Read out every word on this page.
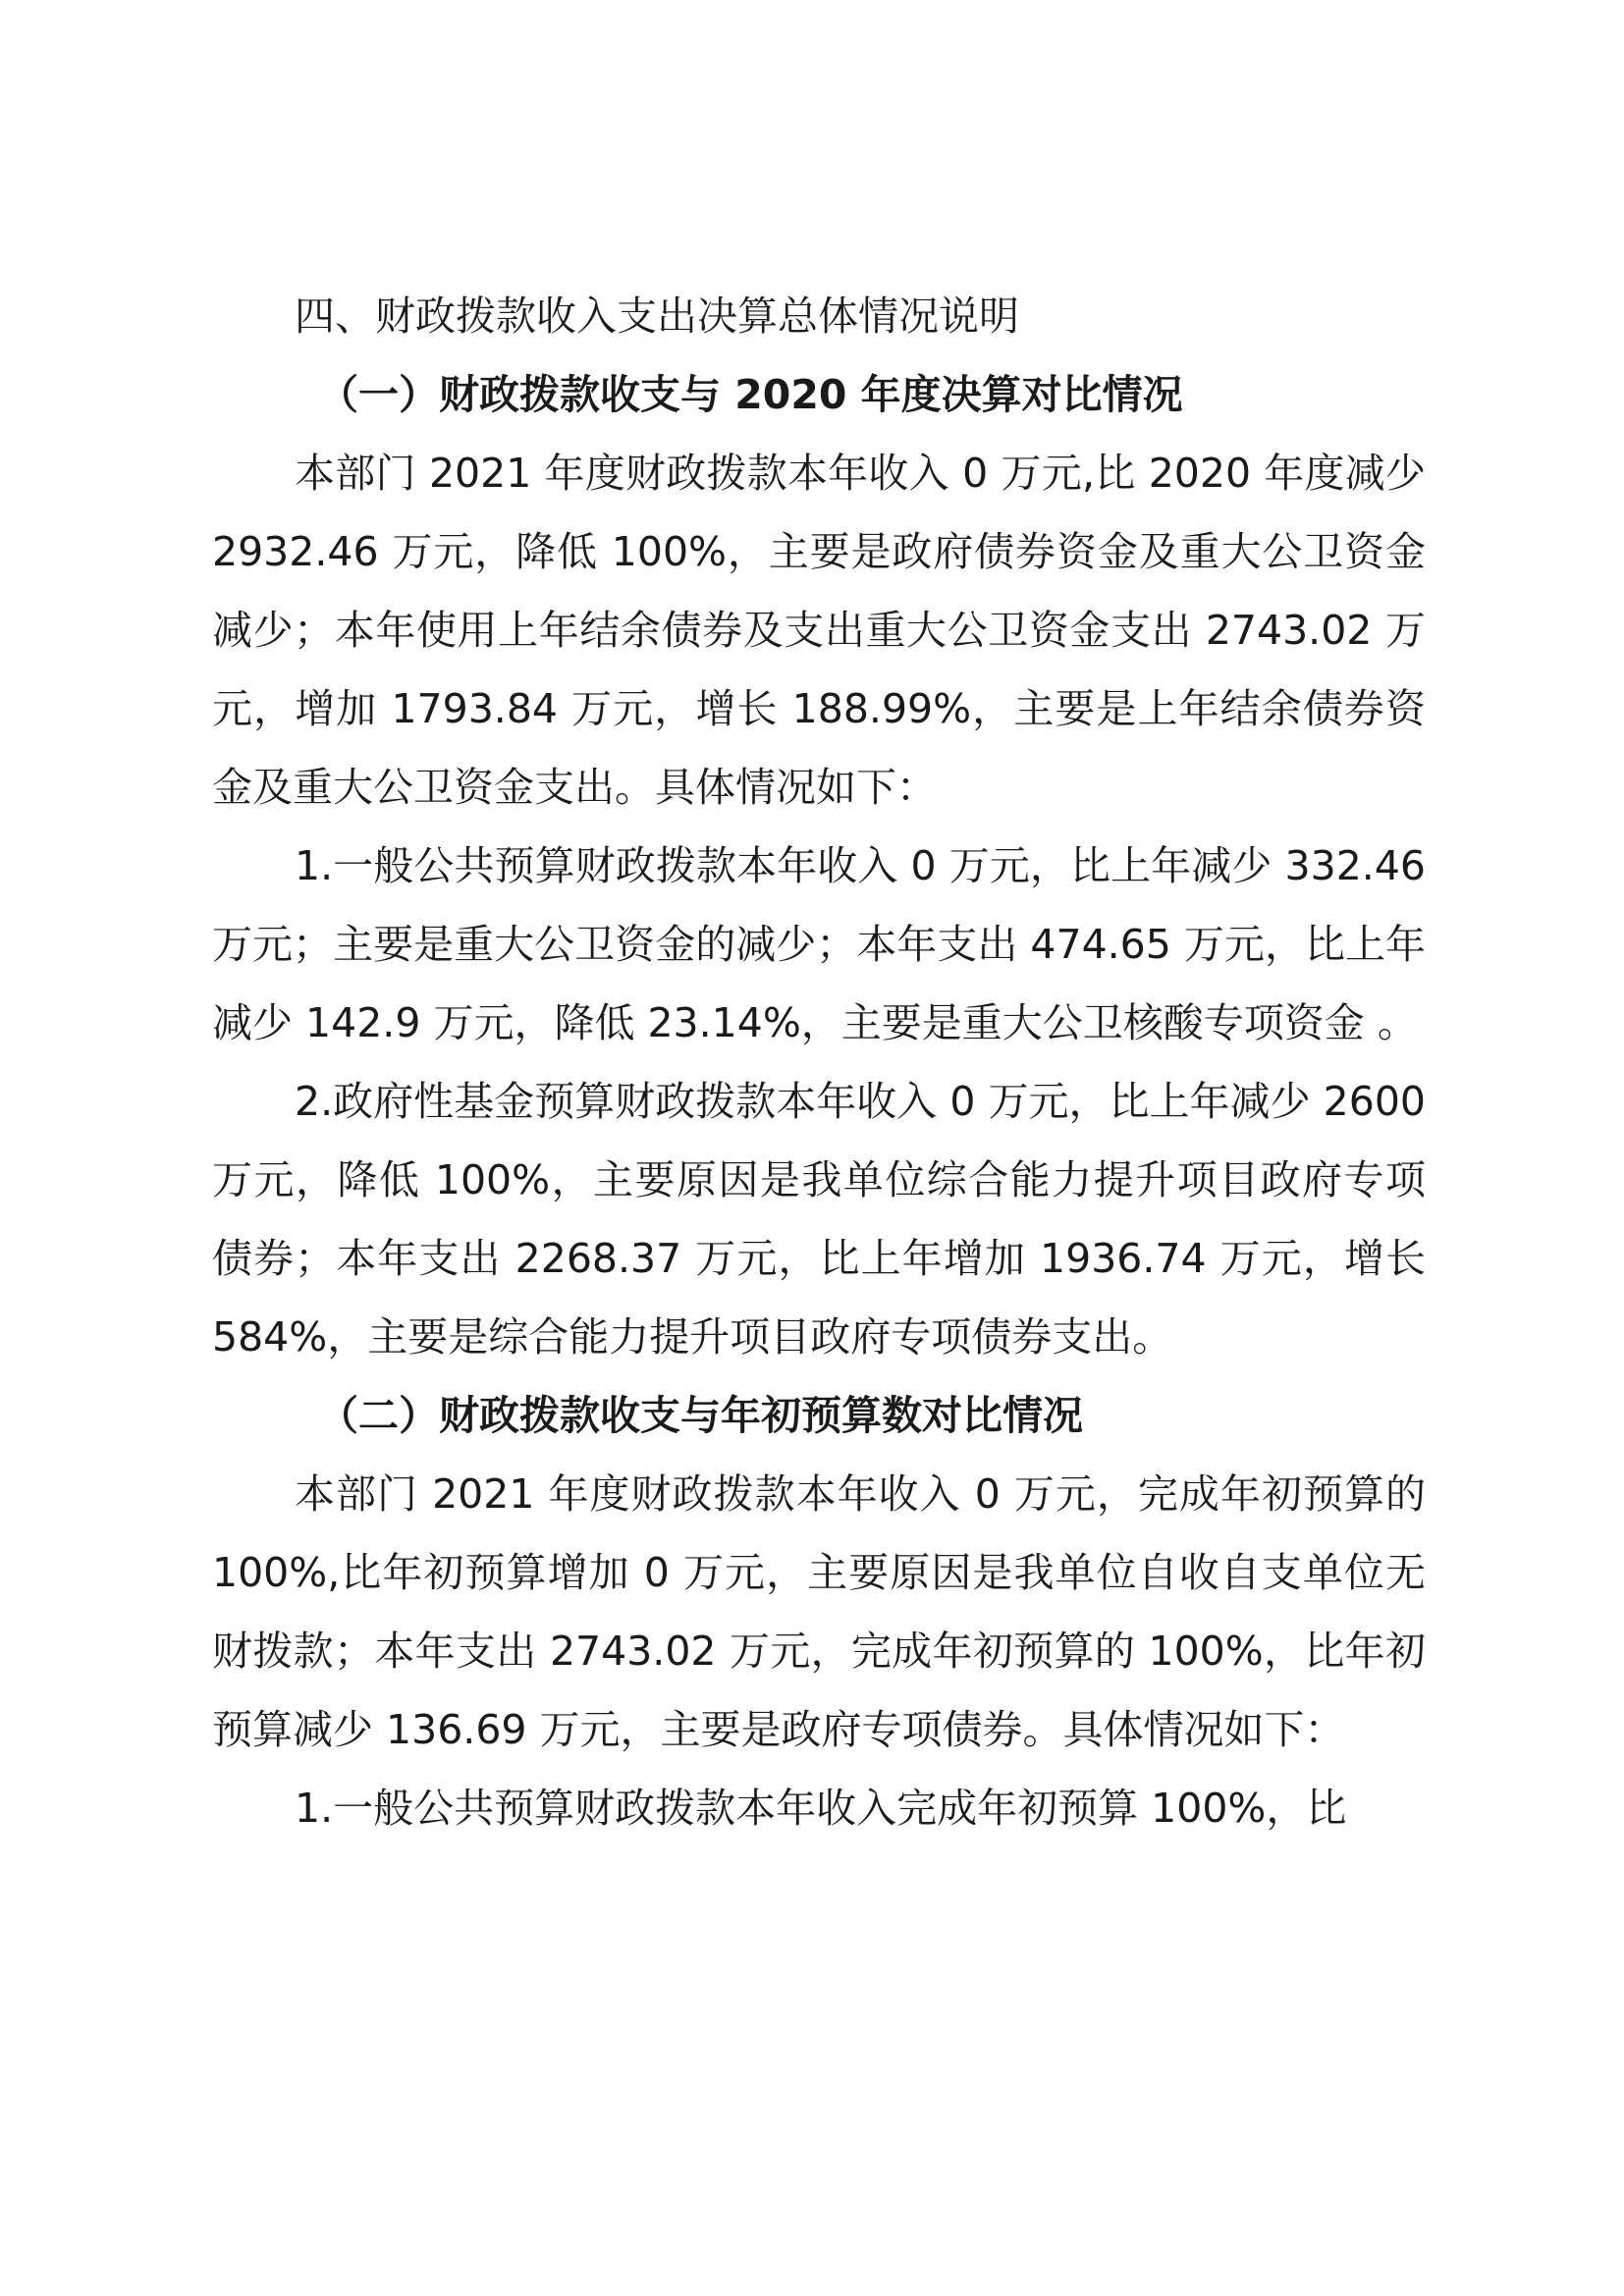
四、财政拨款收入支出决算总体情况说明
（一）财政拨款收支与 2020 年度决算对比情况

本部门 2021 年度财政拨款本年收入 0 万元,比 2020 年度减少 2932.46 万元，降低 100%，主要是政府债券资金及重大公卫资金减少；本年使用上年结余债券及支出重大公卫资金支出 2743.02 万元，增加 1793.84 万元，增长 188.99%，主要是上年结余债券资金及重大公卫资金支出。具体情况如下：

1.一般公共预算财政拨款本年收入 0 万元，比上年减少 332.46 万元；主要是重大公卫资金的减少；本年支出 474.65 万元，比上年减少 142.9 万元，降低 23.14%，主要是重大公卫核酸专项资金 。

2.政府性基金预算财政拨款本年收入 0 万元，比上年减少 2600 万元，降低 100%，主要原因是我单位综合能力提升项目政府专项债券；本年支出 2268.37 万元，比上年增加 1936.74 万元，增长 584%，主要是综合能力提升项目政府专项债券支出。

（二）财政拨款收支与年初预算数对比情况

本部门 2021 年度财政拨款本年收入 0 万元，完成年初预算的 100%,比年初预算增加 0 万元，主要原因是我单位自收自支单位无财拨款；本年支出 2743.02 万元，完成年初预算的 100%，比年初预算减少 136.69 万元，主要是政府专项债券。具体情况如下：

1.一般公共预算财政拨款本年收入完成年初预算 100%，比
